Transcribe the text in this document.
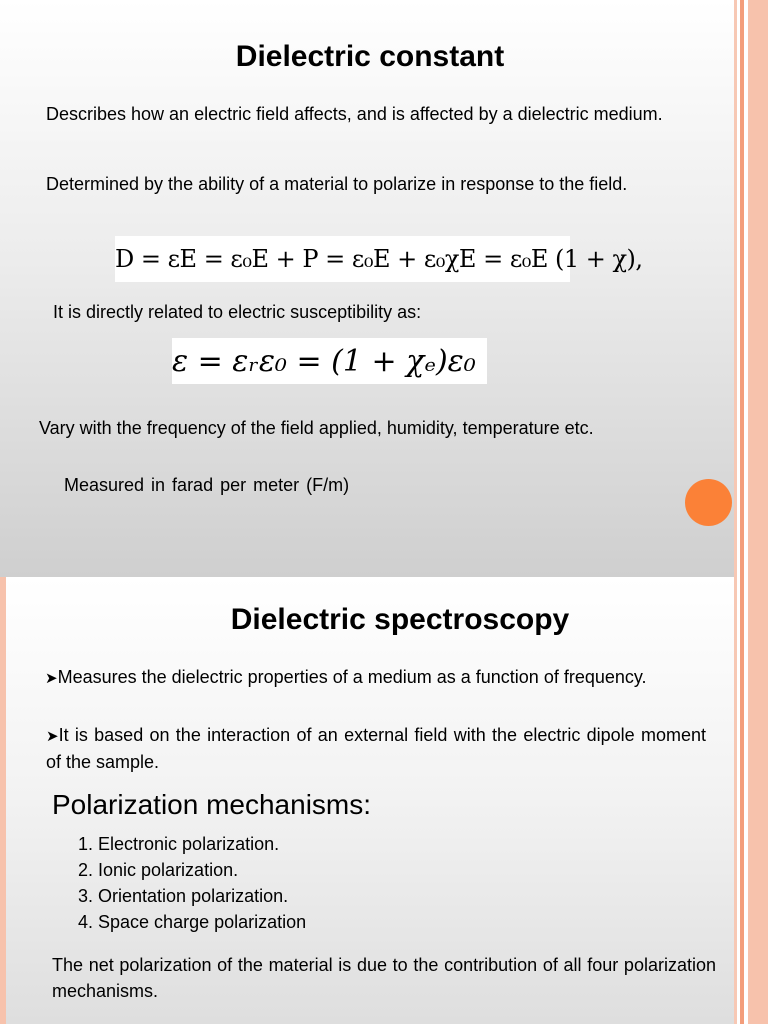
Dielectric constant

Describes how an electric field affects, and is affected by a dielectric medium.

Determined by the ability of a material to polarize in response to the field.

D = εE = ε₀E + P = ε₀E + ε₀χE = ε₀E (1 + χ),

It is directly related to electric susceptibility as:

ε = εᵣε₀ = (1 + χₑ)ε₀

Vary with the frequency of the field applied, humidity, temperature etc.

Measured in farad per meter (F/m)

Dielectric spectroscopy

➤Measures the dielectric properties of a medium as a function of frequency.

➤It is based on the interaction of an external field with the electric dipole moment of the sample.

Polarization mechanisms:
1. Electronic polarization.
2. Ionic polarization.
3. Orientation polarization.
4. Space charge polarization

The net polarization of the material is due to the contribution of all four polarization mechanisms.
